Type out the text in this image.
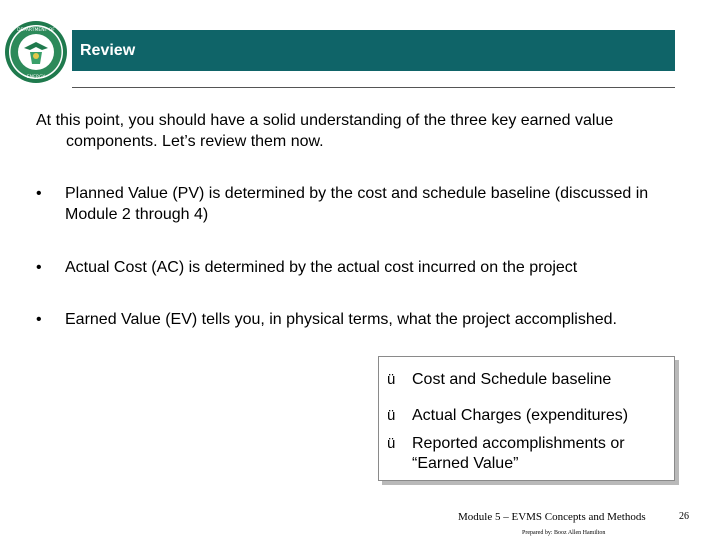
DEPARTMENT OF
ENERGY
Review
At this point, you should have a solid understanding of the three key earned value components. Let’s review them now.
•	Planned Value (PV) is determined by the cost and schedule baseline (discussed in Module 2 through 4)
•	Actual Cost (AC) is determined by the actual cost incurred on the project
•	Earned Value (EV) tells you, in physical terms, what the project accomplished.
ü Cost and Schedule baseline
ü Actual Charges (expenditures)
ü Reported accomplishments or “Earned Value”
Module 5 – EVMS Concepts and Methods	26
Prepared by: Booz Allen Hamilton
